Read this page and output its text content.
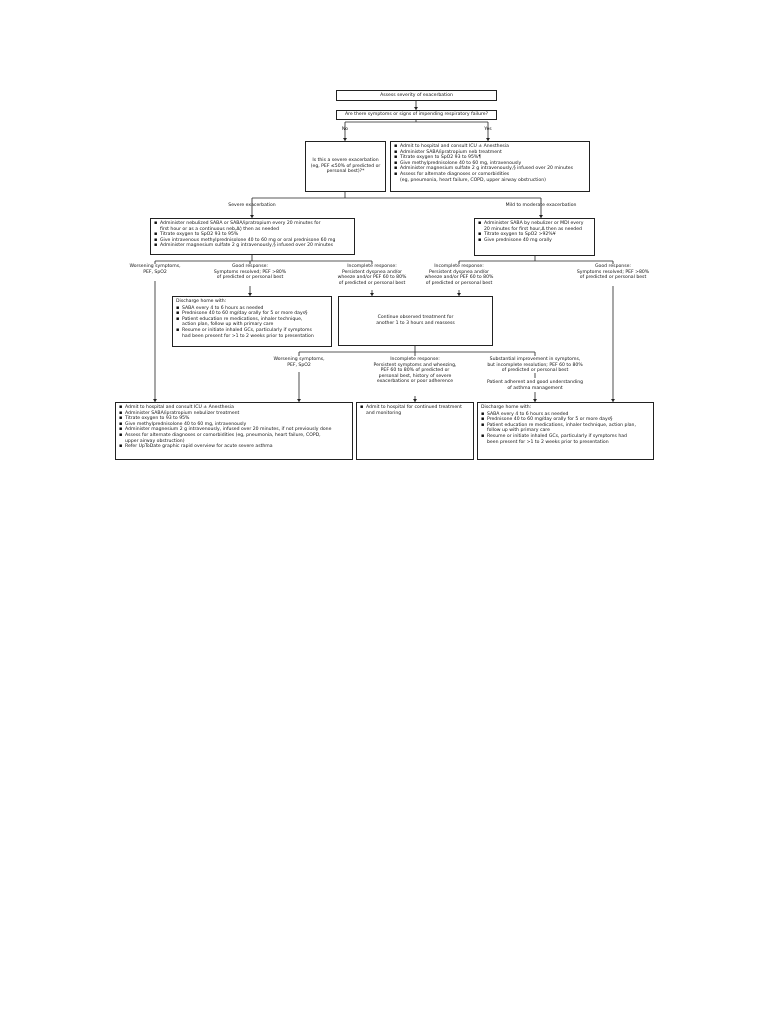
No	Yes
Assess severity of exacerbation
Are there symptoms or signs of impending respiratory failure?
Is this a severe exacerbation (eg, PEF ≤50% of predicted or personal best)?*
▪ Admit to hospital and consult ICU ± Anesthesia
▪ Administer SABA/ipratropium neb treatment
▪ Titrate oxygen to SpO2 93 to 95%¶
▪ Give methylprednisolone 40 to 60 mg, intravenously
▪ Administer magnesium sulfate 2 g intravenously,§ infused over 20 minutes
▪ Assess for alternate diagnoses or comorbidities
(eg, pneumonia, heart failure, COPD, upper airway obstruction)
Severe exacerbation	Mild to moderate exacerbation
▪ Administer nebulized SABA or SABA/ipratropium every 20 minutes for
first hour or as a continuous neb,Δ◊ then as needed
▪ Titrate oxygen to SpO2 93 to 95%
▪ Give intravenous methylprednisolone 40 to 60 mg or oral prednisone 60 mg
▪ Administer magnesium sulfate 2 g intravenously,§ infused over 20 minutes
▪ Administer SABA by nebulizer or MDI every
20 minutes for first hour,Δ then as needed
▪ Titrate oxygen to SpO2 >92%¥
▪ Give prednisone 40 mg orally
Worsening symptoms,
PEF, SpO2
Good response:
Symptoms resolved; PEF >80%
of predicted or personal best
Incomplete response:
Persistent dyspnea and/or
wheeze and/or PEF 60 to 80%
of predicted or personal best
Incomplete response:
Persistent dyspnea and/or
wheeze and/or PEF 60 to 80%
of predicted or personal best
Good response:
Symptoms resolved; PEF >80%
of predicted or personal best
Discharge home with:
▪ SABA every 4 to 6 hours as needed
▪ Prednisone 40 to 60 mg/day orally for 5 or more days§
▪ Patient education re medications, inhaler technique,
action plan, follow up with primary care
▪ Resume or initiate inhaled GCs, particularly if symptoms
had been present for >1 to 2 weeks prior to presentation
Continue observed treatment for
another 1 to 3 hours and reassess
Worsening symptoms,
PEF, SpO2
Incomplete response:
Persistent symptoms and wheezing,
PEF 60 to 80% of predicted or
personal best, history of severe
exacerbations or poor adherence
Substantial improvement in symptoms,
but incomplete resolution; PEF 60 to 80%
of predicted or personal best
Patient adherent and good understanding
of asthma management
▪ Admit to hospital and consult ICU ± Anesthesia
▪ Administer SABA/ipratropium nebulizer treatment
▪ Titrate oxygen to 93 to 95%
▪ Give methylprednisolone 40 to 60 mg, intravenously
▪ Administer magnesium 2 g intravenously, infused over 20 minutes, if not previously done
▪ Assess for alternate diagnoses or comorbidities (eg, pneumonia, heart failure, COPD,
upper airway obstruction)
▪ Refer UpToDate graphic rapid overview for acute severe asthma
▪ Admit to hospital for continued treatment
and monitoring
Discharge home with:
▪ SABA every 4 to 6 hours as needed
▪ Prednisone 40 to 60 mg/day orally for 5 or more days§
▪ Patient education re medications, inhaler technique, action plan,
follow up with primary care
▪ Resume or initiate inhaled GCs, particularly if symptoms had
been present for >1 to 2 weeks prior to presentation
